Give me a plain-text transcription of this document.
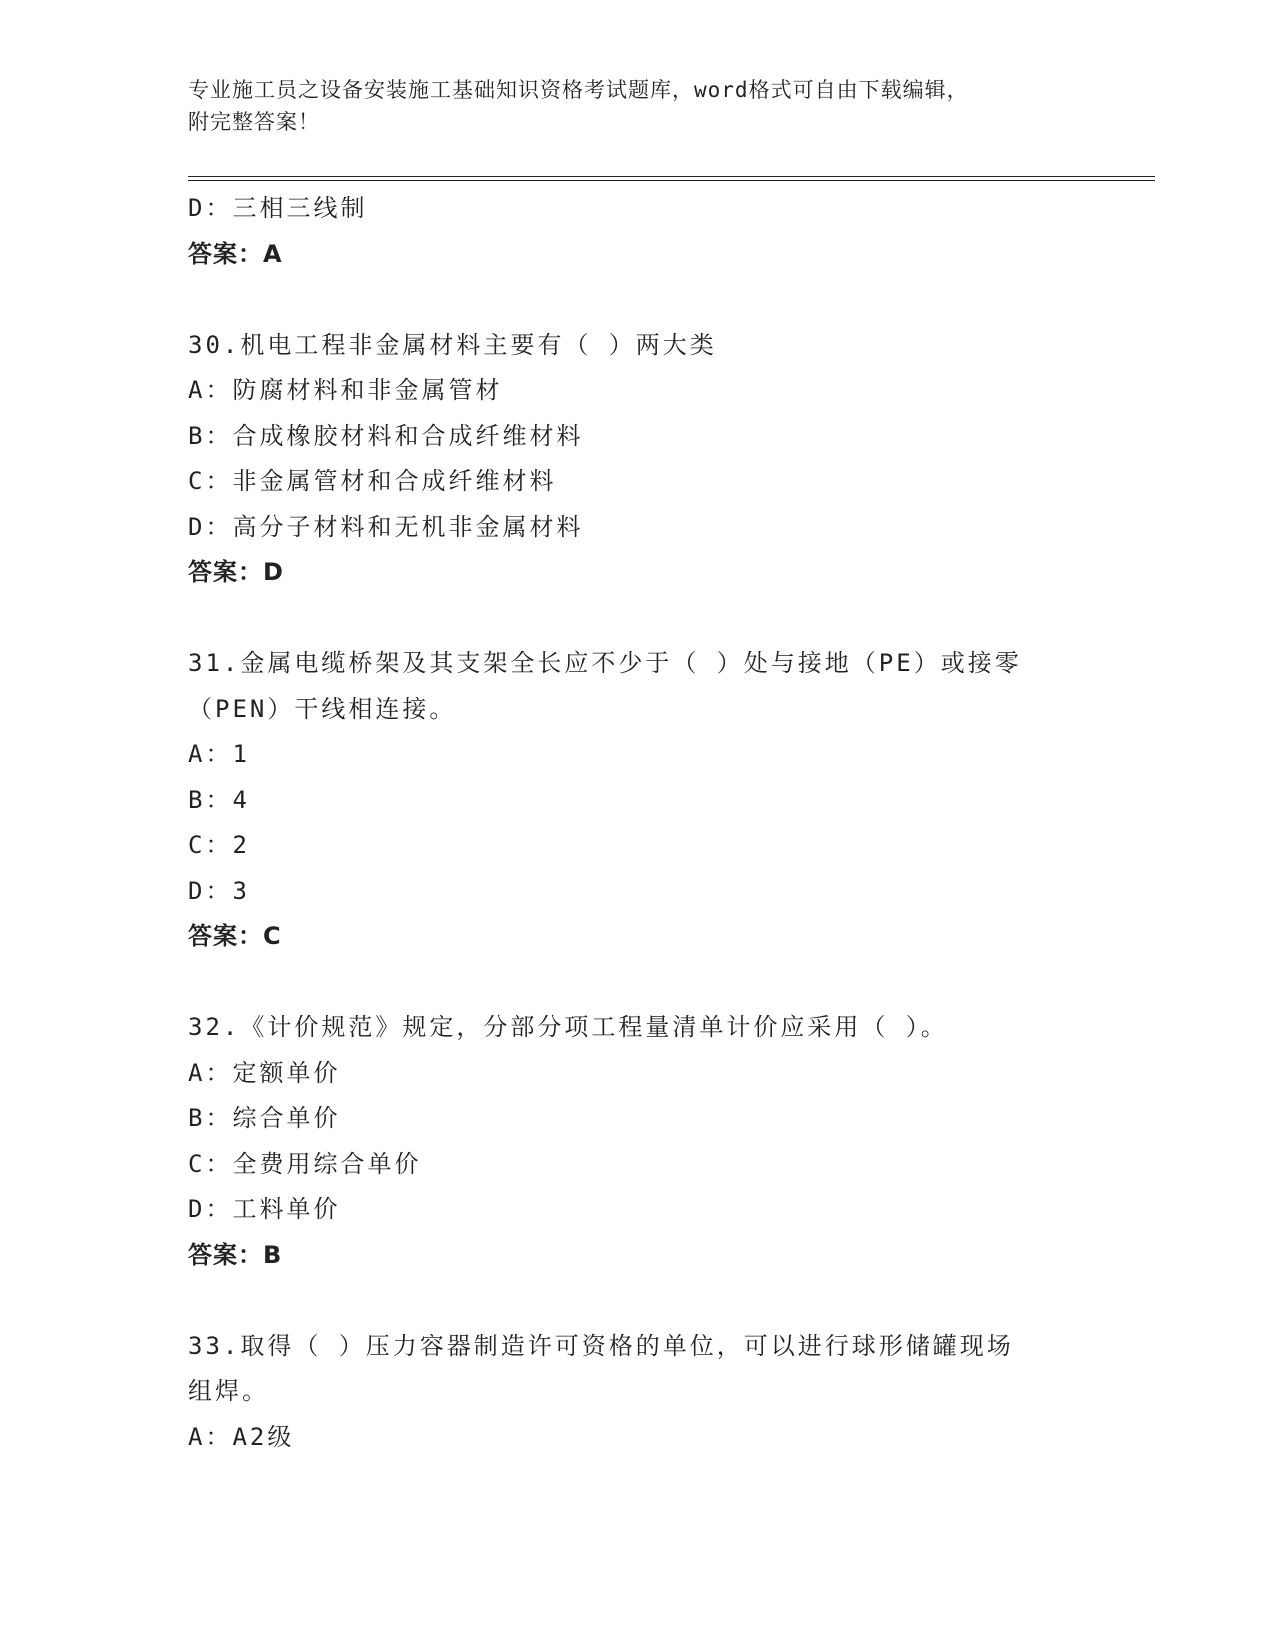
专业施工员之设备安装施工基础知识资格考试题库，word格式可自由下载编辑，
附完整答案！
D：三相三线制
答案：A
30.机电工程非金属材料主要有（ ）两大类
A：防腐材料和非金属管材
B：合成橡胶材料和合成纤维材料
C：非金属管材和合成纤维材料
D：高分子材料和无机非金属材料
答案：D
31.金属电缆桥架及其支架全长应不少于（ ）处与接地（PE）或接零
（PEN）干线相连接。
A：1
B：4
C：2
D：3
答案：C
32.《计价规范》规定，分部分项工程量清单计价应采用（ ）。
A：定额单价
B：综合单价
C：全费用综合单价
D：工料单价
答案：B
33.取得（ ）压力容器制造许可资格的单位，可以进行球形储罐现场
组焊。
A：A2级
